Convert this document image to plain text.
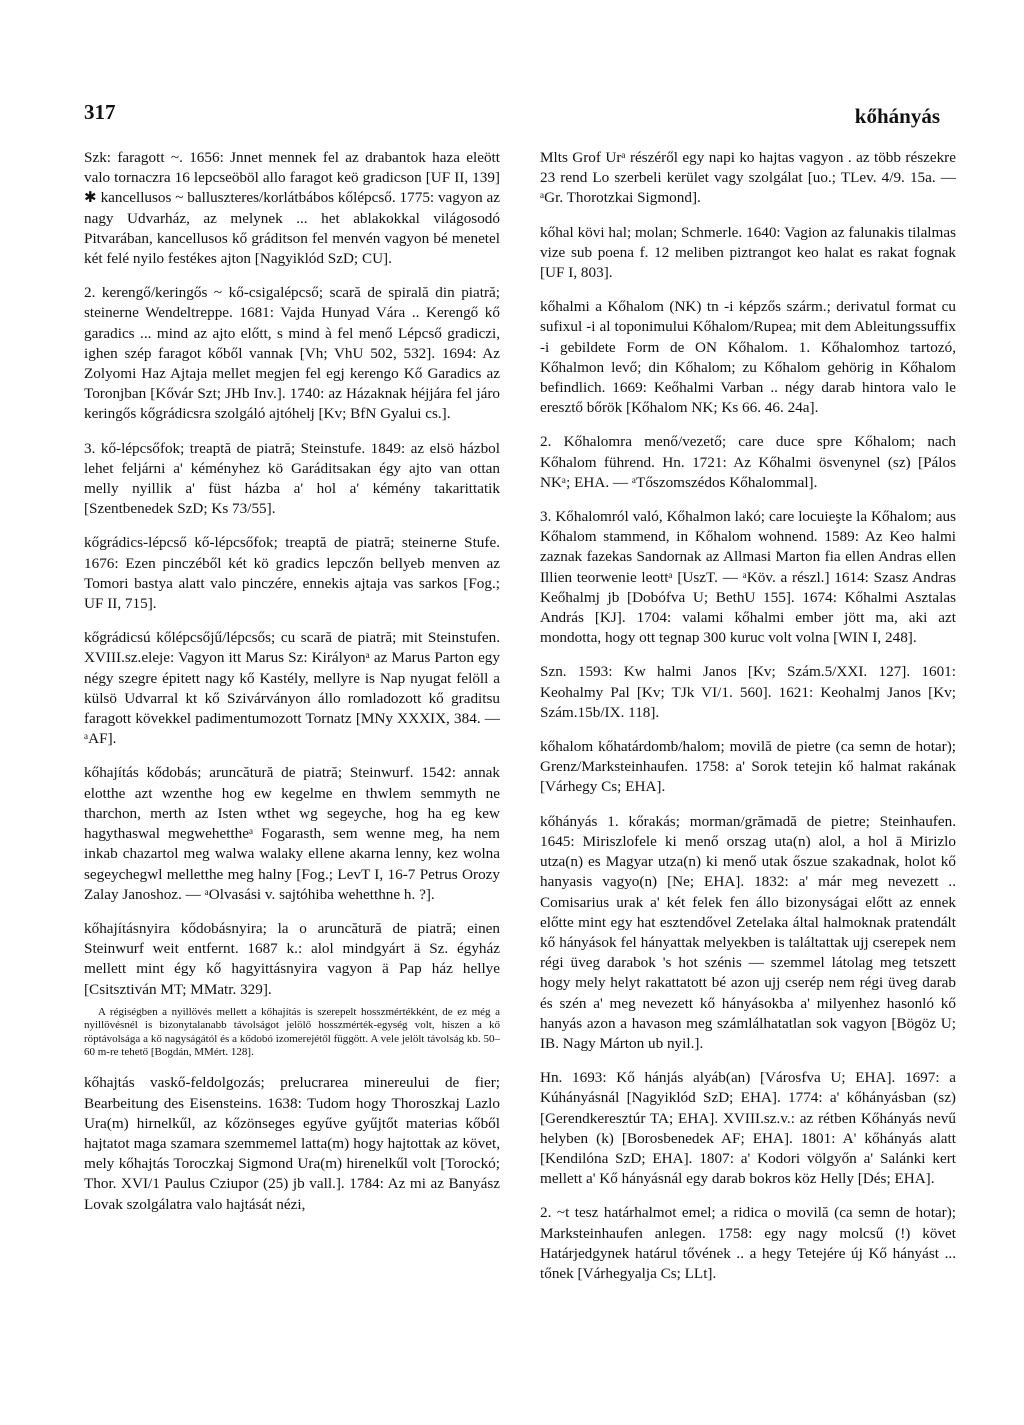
317	kőhányás

Szk: faragott ~. 1656: Jnnet mennek fel az drabantok haza eleött valo tornaczra 16 lepcseöböl allo faragot keö gradicson [UF II, 139] ✱ kancellusos ~ balluszteres/korlátbábos kőlépcső. 1775: vagyon az nagy Udvarház, az melynek ... het ablakokkal világosodó Pitvarában, kancellusos kő gráditson fel menvén vagyon bé menetel két felé nyilo festékes ajton [Nagyiklód SzD; CU].

2. kerengő/keringős ~ kő-csigalépcső; scară de spirală din piatră; steinerne Wendeltreppe. 1681: Vajda Hunyad Vára .. Kerengő kő garadics ... mind az ajto előtt, s mind à fel menő Lépcső gradiczi, ighen szép faragot kőből vannak [Vh; VhU 502, 532]. 1694: Az Zolyomi Haz Ajtaja mellet megjen fel egj kerengo Kő Garadics az Toronjban [Kővár Szt; JHb Inv.]. 1740: az Házaknak héjjára fel járo keringős kőgrádicsra szolgáló ajtóhelj [Kv; BfN Gyalui cs.].

3. kő-lépcsőfok; treaptă de piatră; Steinstufe. 1849: az elsö házbol lehet feljárni a' kéményhez kö Garáditsakan égy ajto van ottan melly nyillik a' füst házba a' hol a' kémény takarittatik [Szentbenedek SzD; Ks 73/55].

kőgrádics-lépcső kő-lépcsőfok; treaptă de piatră; steinerne Stufe. 1676: Ezen pinczéből két kö gradics lepczőn bellyeb menven az Tomori bastya alatt valo pinczére, ennekis ajtaja vas sarkos [Fog.; UF II, 715].

kőgrádicsú kőlépcsőjű/lépcsős; cu scară de piatră; mit Steinstufen. XVIII.sz.eleje: Vagyon itt Marus Sz: Királyonᵃ az Marus Parton egy négy szegre épitett nagy kő Kastély, mellyre is Nap nyugat felöll a külsö Udvarral kt kő Szivárványon állo romladozott kő graditsu faragott kövekkel padimentumozott Tornatz [MNy XXXIX, 384. — ᵃAF].

kőhajítás kődobás; aruncătură de piatră; Steinwurf. 1542: annak elotthe azt wzenthe hog ew kegelme en thwlem semmyth ne tharchon, merth az Isten wthet wg segeyche, hog ha eg kew hagythaswal megwehettheᵃ Fogarasth, sem wenne meg, ha nem inkab chazartol meg walwa walaky ellene akarna lenny, kez wolna segeychegwl melletthe meg halny [Fog.; LevT I, 16-7 Petrus Orozy Zalay Janoshoz. — ᵃOlvasási v. sajtóhiba wehetthne h. ?].

kőhajításnyira kődobásnyira; la o aruncătură de piatră; einen Steinwurf weit entfernt. 1687 k.: alol mindgyárt ä Sz. égyház mellett mint égy kő hagyittásnyira vagyon ä Pap ház hellye [Csitsztiván MT; MMatr. 329].

A régiségben a nyillövés mellett a kőhajítás is szerepelt hosszmértékként, de ez még a nyillövésnél is bizonytalanabb távolságot jelölő hosszmérték-egység volt, hiszen a kő röptávolsága a kő nagyságától és a kődobó izomerejétől függött. A vele jelölt távolság kb. 50–60 m-re tehető [Bogdán, MMért. 128].

kőhajtás vaskő-feldolgozás; prelucrarea minereului de fier; Bearbeitung des Eisensteins. 1638: Tudom hogy Thoroszkaj Lazlo Ura(m) hirnelkűl, az kőzönseges egyűve gyűjtőt materias kőből hajtatot maga szamara szemmemel latta(m) hogy hajtottak az követ, mely kőhajtás Toroczkaj Sigmond Ura(m) hirenelkűl volt [Torockó; Thor. XVI/1 Paulus Cziupor (25) jb vall.]. 1784: Az mi az Banyász Lovak szolgálatra valo hajtását nézi,

Mlts Grof Urᵃ részéről egy napi ko hajtas vagyon . az több részekre 23 rend Lo szerbeli kerület vagy szolgálat [uo.; TLev. 4/9. 15a. — ᵃGr. Thorotzkai Sigmond].

kőhal kövi hal; molan; Schmerle. 1640: Vagion az falunakis tilalmas vize sub poena f. 12 meliben piztrangot keo halat es rakat fognak [UF I, 803].

kőhalmi a Kőhalom (NK) tn -i képzős szárm.; derivatul format cu sufixul -i al toponimului Kőhalom/Rupea; mit dem Ableitungssuffix -i gebildete Form de ON Kőhalom. 1. Kőhalomhoz tartozó, Kőhalmon levő; din Kőhalom; zu Kőhalom gehörig in Kőhalom befindlich. 1669: Keőhalmi Varban .. négy darab hintora valo le eresztő bőrök [Kőhalom NK; Ks 66. 46. 24a].

2. Kőhalomra menő/vezető; care duce spre Kőhalom; nach Kőhalom führend. Hn. 1721: Az Kőhalmi ösvenynel (sz) [Pálos NKᵃ; EHA. — ᵃTőszomszédos Kőhalommal].

3. Kőhalomról való, Kőhalmon lakó; care locuieşte la Kőhalom; aus Kőhalom stammend, in Kőhalom wohnend. 1589: Az Keo halmi zaznak fazekas Sandornak az Allmasi Marton fia ellen Andras ellen Illien teorwenie leottᵃ [UszT. — ᵃKöv. a részl.] 1614: Szasz Andras Keőhalmj jb [Dobófva U; BethU 155]. 1674: Kőhalmi Asztalas András [KJ]. 1704: valami kőhalmi ember jött ma, aki azt mondotta, hogy ott tegnap 300 kuruc volt volna [WIN I, 248].

Szn. 1593: Kw halmi Janos [Kv; Szám.5/XXI. 127]. 1601: Keohalmy Pal [Kv; TJk VI/1. 560]. 1621: Keohalmj Janos [Kv; Szám.15b/IX. 118].

kőhalom kőhatárdomb/halom; movilă de pietre (ca semn de hotar); Grenz/Marksteinhaufen. 1758: a' Sorok tetejin kő halmat rakának [Várhegy Cs; EHA].

kőhányás 1. kőrakás; morman/grămadă de pietre; Steinhaufen. 1645: Miriszlofele ki menő orszag uta(n) alol, a hol ā Mirizlo utza(n) es Magyar utza(n) ki menő utak őszue szakadnak, holot kő hanyasis vagyo(n) [Ne; EHA]. 1832: a' már meg nevezett .. Comisarius urak a' két felek fen állo bizonyságai előtt az ennek előtte mint egy hat esztendővel Zetelaka által halmoknak pratendált kő hányások fel hányattak melyekben is találtattak ujj cserepek nem régi üveg darabok 's hot szénis — szemmel látolag meg tetszett hogy mely helyt rakattatott bé azon ujj cserép nem régi üveg darab és szén a' meg nevezett kő hányásokba a' milyenhez hasonló kő hanyás azon a havason meg számlálhatatlan sok vagyon [Bögöz U; IB. Nagy Márton ub nyil.].

Hn. 1693: Kő hánjás alyáb(an) [Városfva U; EHA]. 1697: a Kúhányásnál [Nagyiklód SzD; EHA]. 1774: a' kőhányásban (sz) [Gerendkeresztúr TA; EHA]. XVIII.sz.v.: az rétben Kőhányás nevű helyben (k) [Borosbenedek AF; EHA]. 1801: A' kőhányás alatt [Kendilóna SzD; EHA]. 1807: a' Kodori völgyőn a' Salánki kert mellett a' Kő hányásnál egy darab bokros köz Helly [Dés; EHA].

2. ~t tesz határhalmot emel; a ridica o movilă (ca semn de hotar); Marksteinhaufen anlegen. 1758: egy nagy molcsű (!) követ Határjedgynek határul tővének .. a hegy Tetejére új Kő hányást ... tőnek [Várhegyalja Cs; LLt].
